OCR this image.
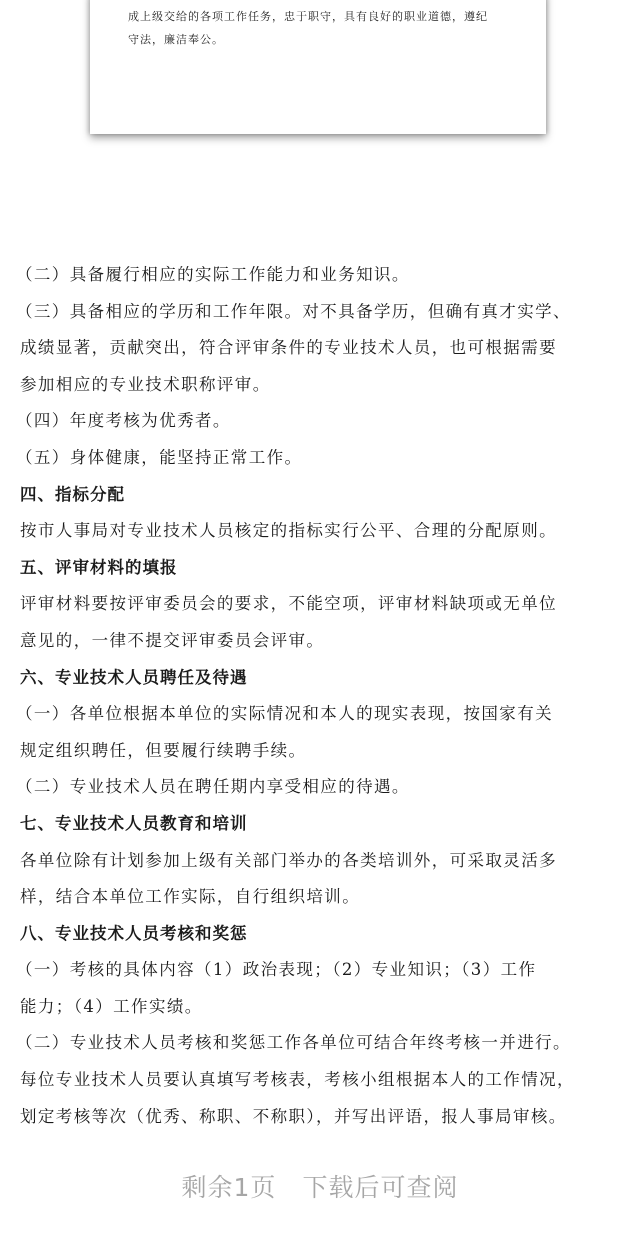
成上级交给的各项工作任务，忠于职守，具有良好的职业道德，遵纪

守法，廉洁奉公。

（二）具备履行相应的实际工作能力和业务知识。

（三）具备相应的学历和工作年限。对不具备学历，但确有真才实学、

成绩显著，贡献突出，符合评审条件的专业技术人员，也可根据需要

参加相应的专业技术职称评审。

（四）年度考核为优秀者。

（五）身体健康，能坚持正常工作。

四、指标分配

按市人事局对专业技术人员核定的指标实行公平、合理的分配原则。

五、评审材料的填报

评审材料要按评审委员会的要求，不能空项，评审材料缺项或无单位

意见的，一律不提交评审委员会评审。

六、专业技术人员聘任及待遇

（一）各单位根据本单位的实际情况和本人的现实表现，按国家有关

规定组织聘任，但要履行续聘手续。

（二）专业技术人员在聘任期内享受相应的待遇。

七、专业技术人员教育和培训

各单位除有计划参加上级有关部门举办的各类培训外，可采取灵活多

样，结合本单位工作实际，自行组织培训。

八、专业技术人员考核和奖惩

（一）考核的具体内容（1）政治表现；（2）专业知识；（3）工作

能力；（4）工作实绩。

（二）专业技术人员考核和奖惩工作各单位可结合年终考核一并进行。

每位专业技术人员要认真填写考核表，考核小组根据本人的工作情况，

划定考核等次（优秀、称职、不称职），并写出评语，报人事局审核。

剩余1页 下载后可查阅
